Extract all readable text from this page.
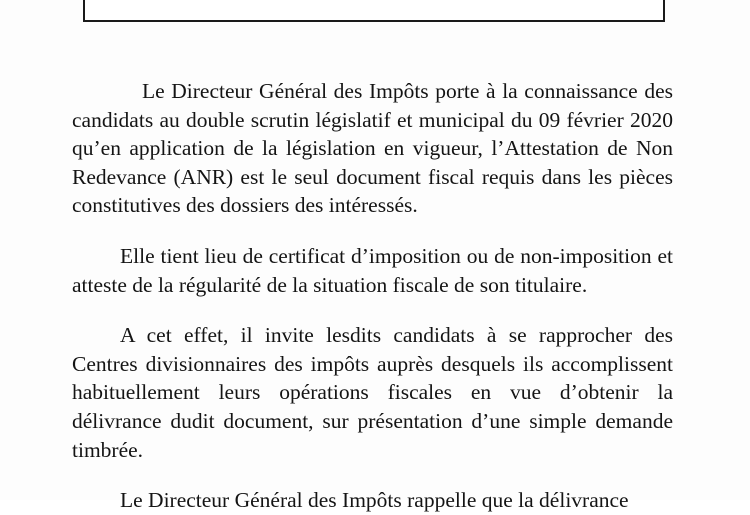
Le Directeur Général des Impôts porte à la connaissance des candidats au double scrutin législatif et municipal du 09 février 2020 qu’en application de la législation en vigueur, l’Attestation de Non Redevance (ANR) est le seul document fiscal requis dans les pièces constitutives des dossiers des intéressés.

Elle tient lieu de certificat d’imposition ou de non-imposition et atteste de la régularité de la situation fiscale de son titulaire.

A cet effet, il invite lesdits candidats à se rapprocher des Centres divisionnaires des impôts auprès desquels ils accomplissent habituellement leurs opérations fiscales en vue d’obtenir la délivrance dudit document, sur présentation d’une simple demande timbrée.

Le Directeur Général des Impôts rappelle que la délivrance
